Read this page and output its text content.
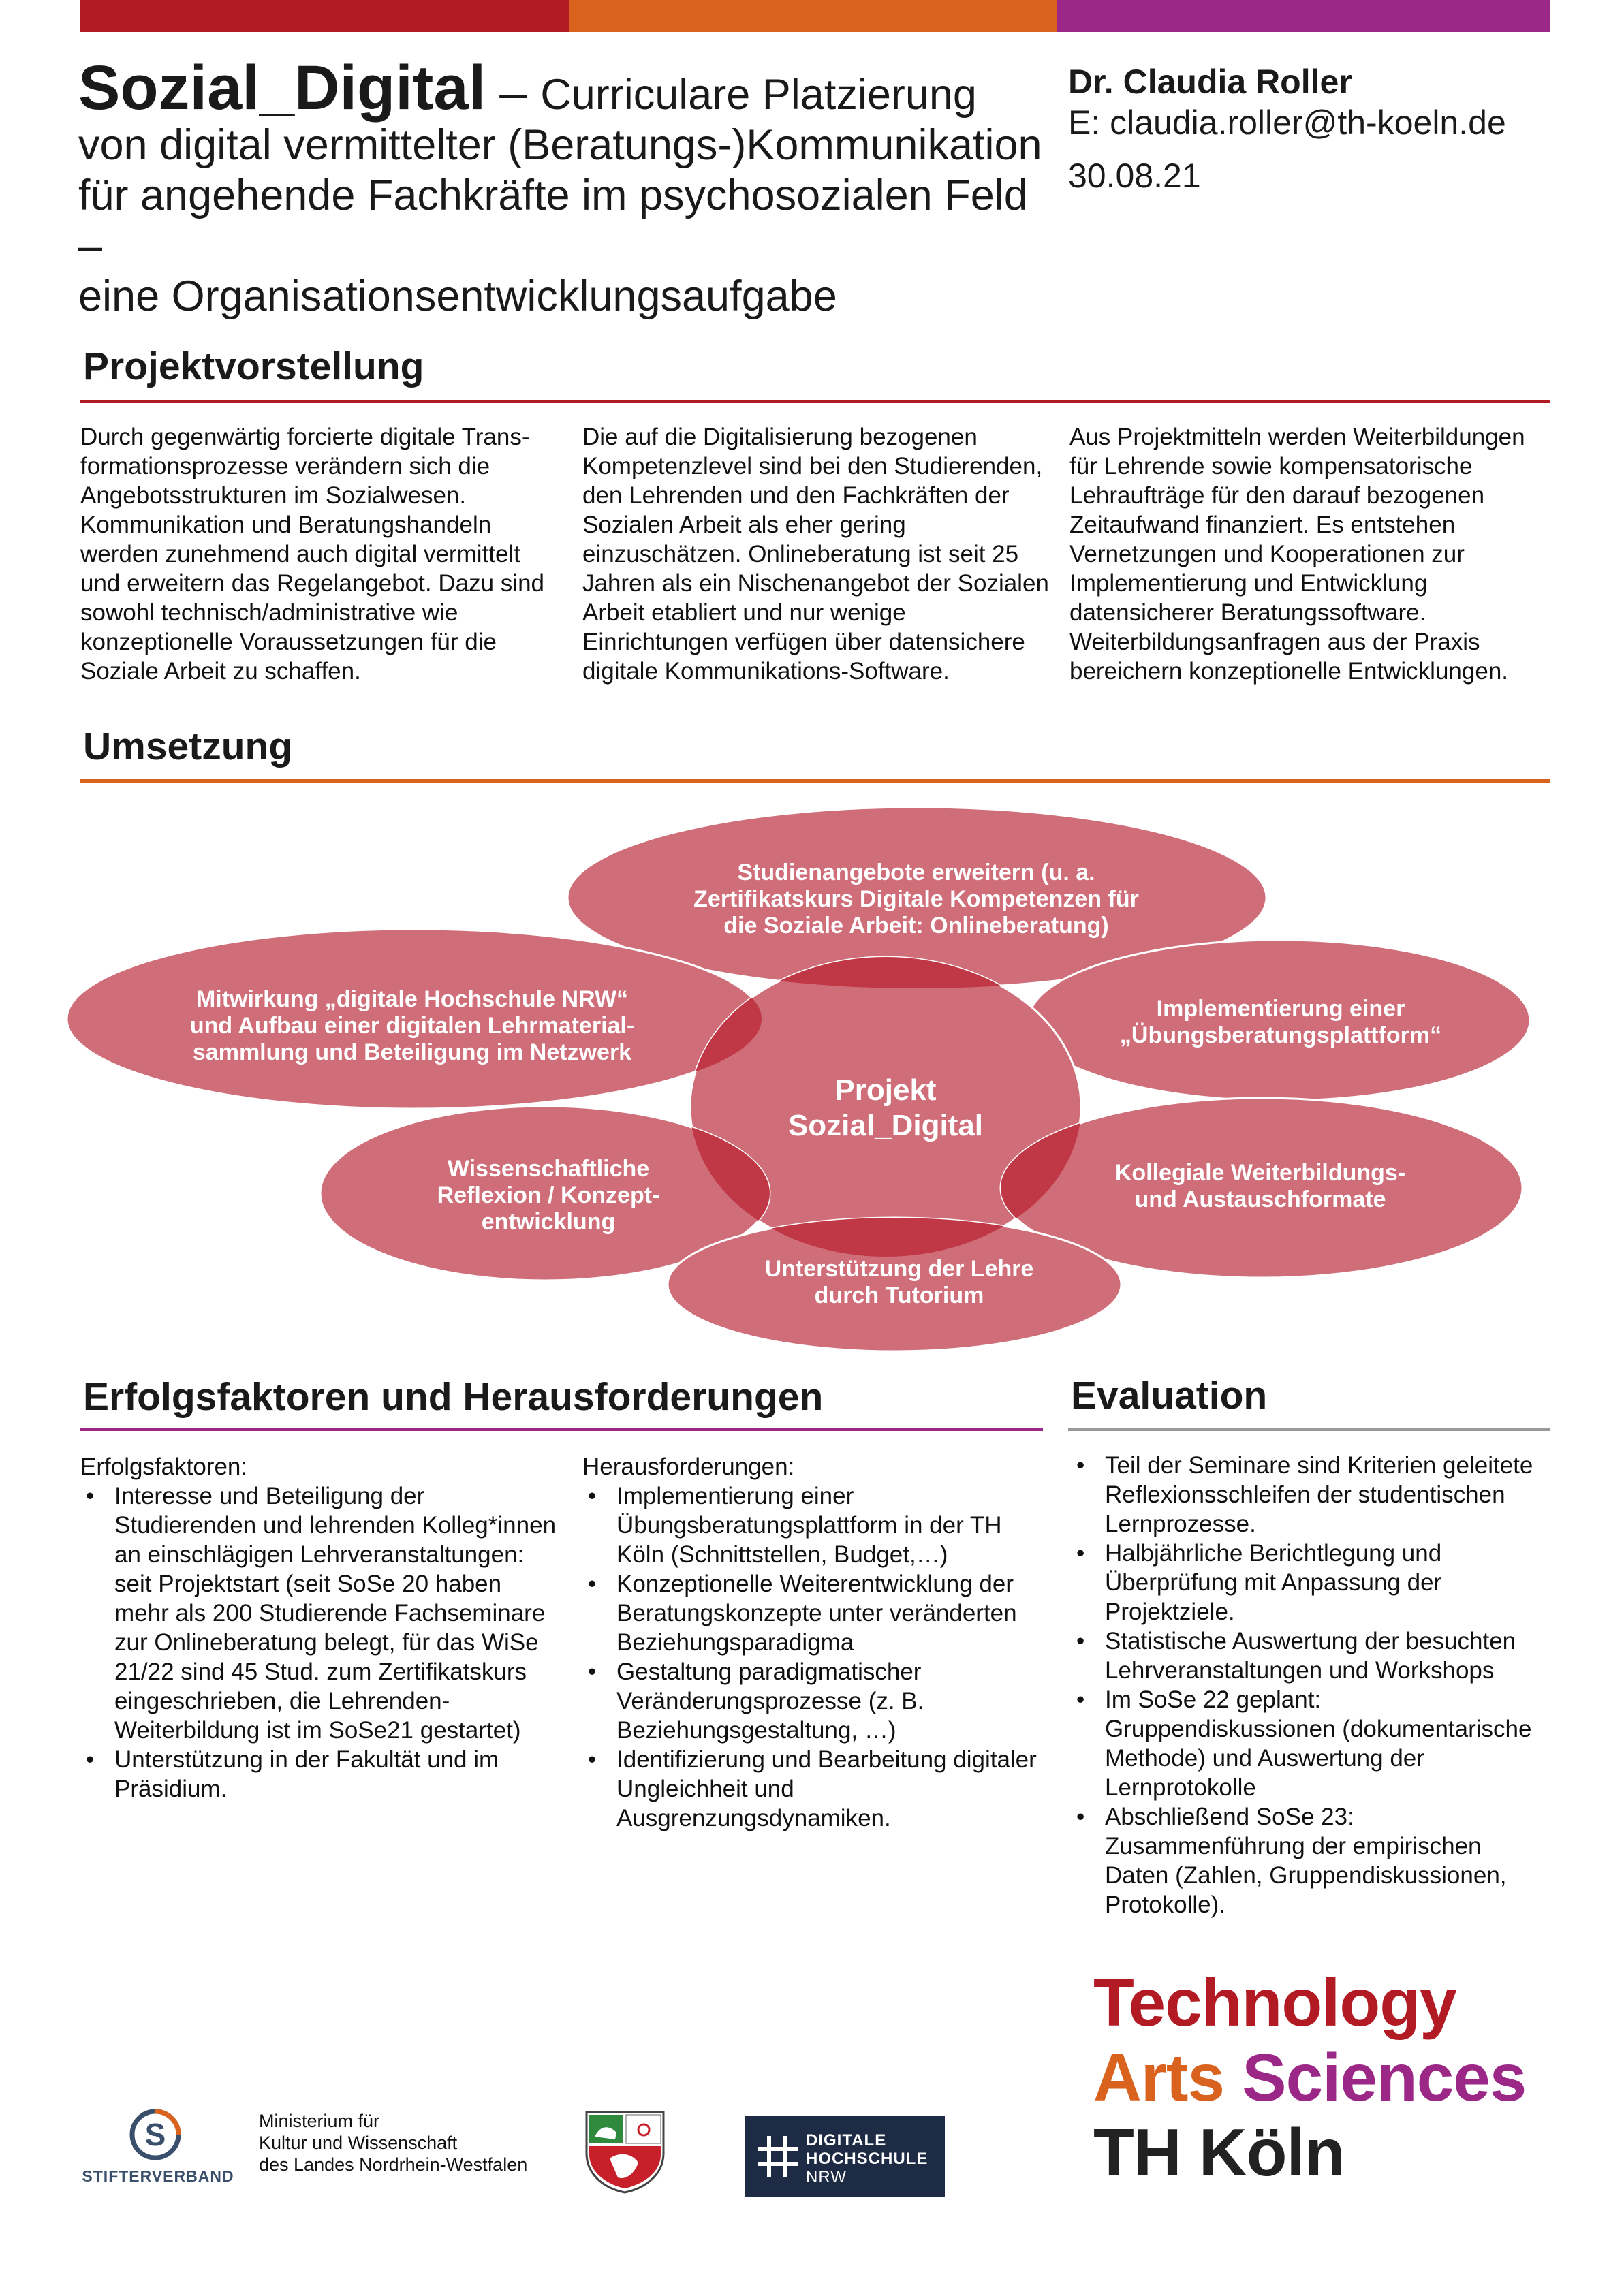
Sozial_Digital – Curriculare Platzierung
von digital vermittelter (Beratungs-)Kommunikation
für angehende Fachkräfte im psychosozialen Feld –
eine Organisationsentwicklungsaufgabe
Dr. Claudia Roller
E: claudia.roller@th-koeln.de
30.08.21
Projektvorstellung

Durch gegenwärtig forcierte digitale Trans-formationsprozesse verändern sich die Angebotsstrukturen im Sozialwesen. Kommunikation und Beratungshandeln werden zunehmend auch digital vermittelt und erweitern das Regelangebot. Dazu sind sowohl technisch/administrative wie konzeptionelle Voraussetzungen für die Soziale Arbeit zu schaffen.

Die auf die Digitalisierung bezogenen Kompetenzlevel sind bei den Studierenden, den Lehrenden und den Fachkräften der Sozialen Arbeit als eher gering einzuschätzen. Onlineberatung ist seit 25 Jahren als ein Nischenangebot der Sozialen Arbeit etabliert und nur wenige Einrichtungen verfügen über datensichere digitale Kommunikations-Software.

Aus Projektmitteln werden Weiterbildungen für Lehrende sowie kompensatorische Lehraufträge für den darauf bezogenen Zeitaufwand finanziert. Es entstehen Vernetzungen und Kooperationen zur Implementierung und Entwicklung datensicherer Beratungssoftware. Weiterbildungsanfragen aus der Praxis bereichern konzeptionelle Entwicklungen.

Umsetzung
Projekt
Sozial_Digital
Studienangebote erweitern (u. a.
Zertifikatskurs Digitale Kompetenzen für
die Soziale Arbeit: Onlineberatung)
Mitwirkung „digitale Hochschule NRW“
und Aufbau einer digitalen Lehrmaterial-
sammlung und Beteiligung im Netzwerk
Implementierung einer
„Übungsberatungsplattform“
Wissenschaftliche
Reflexion / Konzept-
entwicklung
Kollegiale Weiterbildungs-
und Austauschformate
Unterstützung der Lehre
durch Tutorium
Erfolgsfaktoren und Herausforderungen
Erfolgsfaktoren:
• Interesse und Beteiligung der Studierenden und lehrenden Kolleg*innen an einschlägigen Lehrveranstaltungen: seit Projektstart (seit SoSe 20 haben mehr als 200 Studierende Fachseminare zur Onlineberatung belegt, für das WiSe 21/22 sind 45 Stud. zum Zertifikatskurs eingeschrieben, die Lehrenden-Weiterbildung ist im SoSe21 gestartet)
• Unterstützung in der Fakultät und im Präsidium.
Herausforderungen:
• Implementierung einer Übungsberatungsplattform in der TH Köln (Schnittstellen, Budget,…)
• Konzeptionelle Weiterentwicklung der Beratungskonzepte unter veränderten Beziehungsparadigma
• Gestaltung paradigmatischer Veränderungsprozesse (z. B. Beziehungsgestaltung, …)
• Identifizierung und Bearbeitung digitaler Ungleichheit und Ausgrenzungsdynamiken.
Evaluation
• Teil der Seminare sind Kriterien geleitete Reflexionsschleifen der studentischen Lernprozesse.
• Halbjährliche Berichtlegung und Überprüfung mit Anpassung der Projektziele.
• Statistische Auswertung der besuchten Lehrveranstaltungen und Workshops
• Im SoSe 22 geplant: Gruppendiskussionen (dokumentarische Methode) und Auswertung der Lernprotokolle
• Abschließend SoSe 23: Zusammenführung der empirischen Daten (Zahlen, Gruppendiskussionen, Protokolle).
Technology
Arts Sciences
TH Köln
S
STIFTERVERBAND
Ministerium für
Kultur und Wissenschaft
des Landes Nordrhein-Westfalen
DIGITALE
HOCHSCHULE
NRW
